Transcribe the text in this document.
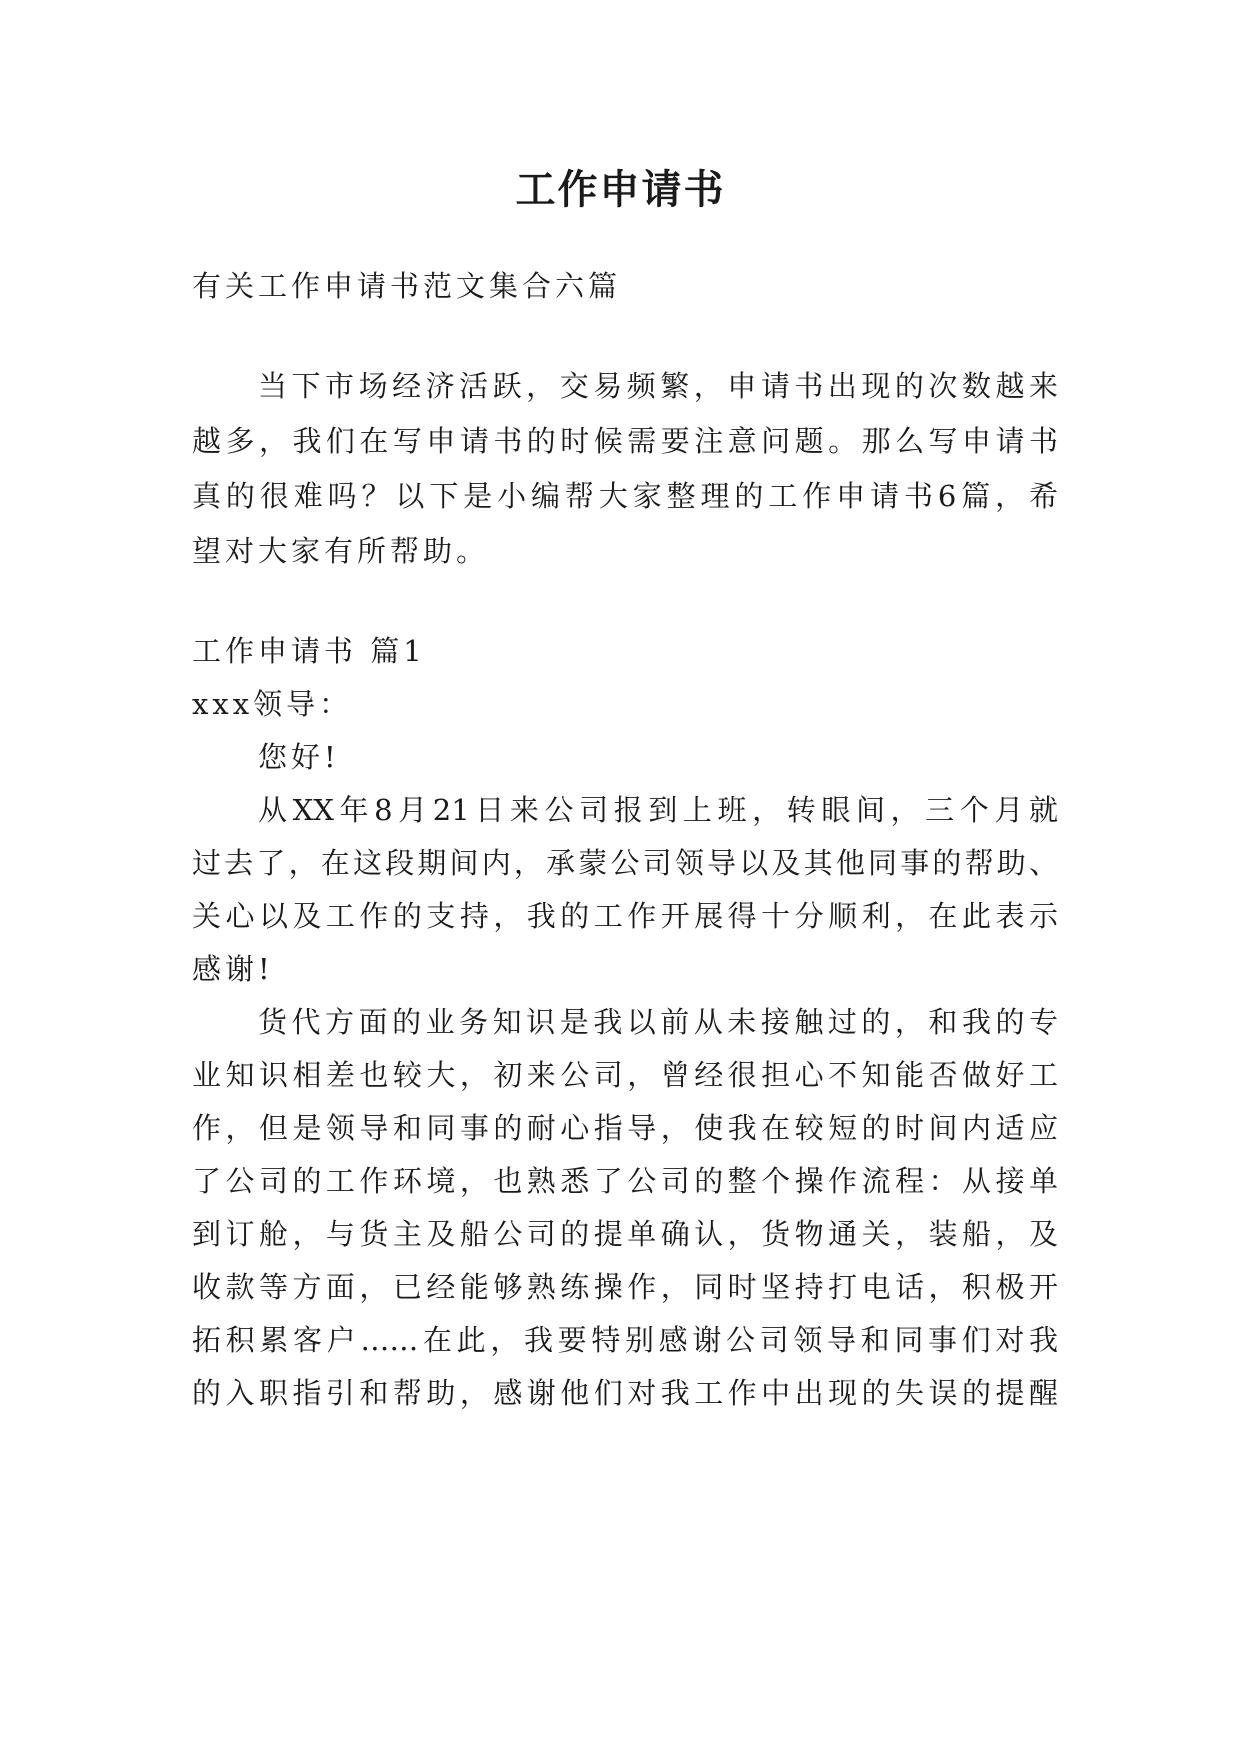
工作申请书
有关工作申请书范文集合六篇
当下市场经济活跃，交易频繁，申请书出现的次数越来
越多，我们在写申请书的时候需要注意问题。那么写申请书
真的很难吗？以下是小编帮大家整理的工作申请书6篇，希
望对大家有所帮助。
工作申请书 篇1
xxx领导：
您好!
从XX年8月21日来公司报到上班，转眼间，三个月就
过去了，在这段期间内，承蒙公司领导以及其他同事的帮助、
关心以及工作的支持，我的工作开展得十分顺利，在此表示
感谢!
货代方面的业务知识是我以前从未接触过的，和我的专
业知识相差也较大，初来公司，曾经很担心不知能否做好工
作，但是领导和同事的耐心指导，使我在较短的时间内适应
了公司的工作环境，也熟悉了公司的整个操作流程：从接单
到订舱，与货主及船公司的提单确认，货物通关，装船，及
收款等方面，已经能够熟练操作，同时坚持打电话，积极开
拓积累客户……在此，我要特别感谢公司领导和同事们对我
的入职指引和帮助，感谢他们对我工作中出现的失误的提醒
